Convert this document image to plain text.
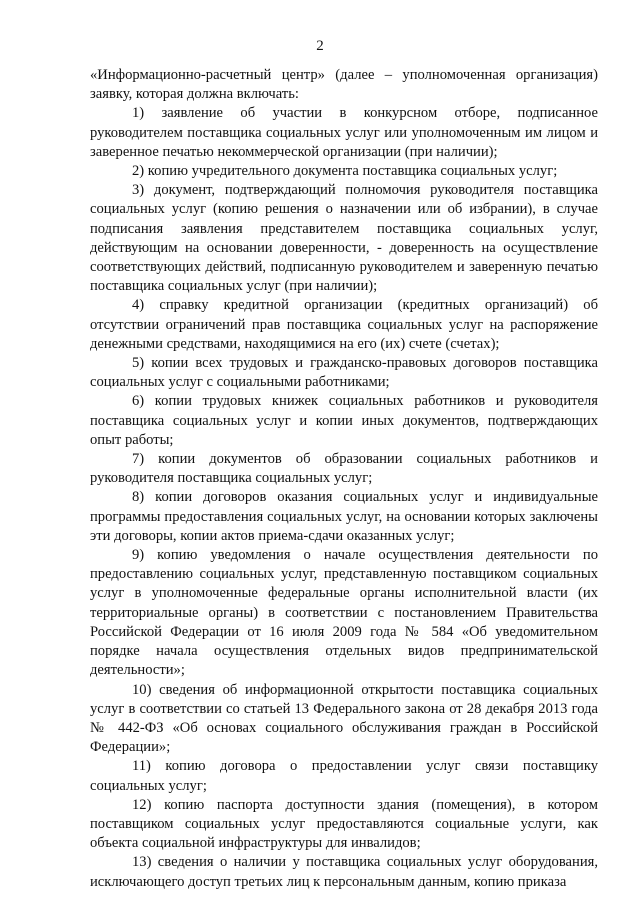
2

«Информационно-расчетный центр» (далее – уполномоченная организация) заявку, которая должна включать:

1) заявление об участии в конкурсном отборе, подписанное руководителем поставщика социальных услуг или уполномоченным им лицом и заверенное печатью некоммерческой организации (при наличии);

2) копию учредительного документа поставщика социальных услуг;

3) документ, подтверждающий полномочия руководителя поставщика социальных услуг (копию решения о назначении или об избрании), в случае подписания заявления представителем поставщика социальных услуг, действующим на основании доверенности, - доверенность на осуществление соответствующих действий, подписанную руководителем и заверенную печатью поставщика социальных услуг (при наличии);

4) справку кредитной организации (кредитных организаций) об отсутствии ограничений прав поставщика социальных услуг на распоряжение денежными средствами, находящимися на его (их) счете (счетах);

5) копии всех трудовых и гражданско-правовых договоров поставщика социальных услуг с социальными работниками;

6) копии трудовых книжек социальных работников и руководителя поставщика социальных услуг и копии иных документов, подтверждающих опыт работы;

7) копии документов об образовании социальных работников и руководителя поставщика социальных услуг;

8) копии договоров оказания социальных услуг и индивидуальные программы предоставления социальных услуг, на основании которых заключены эти договоры, копии актов приема-сдачи оказанных услуг;

9) копию уведомления о начале осуществления деятельности по предоставлению социальных услуг, представленную поставщиком социальных услуг в уполномоченные федеральные органы исполнительной власти (их территориальные органы) в соответствии с постановлением Правительства Российской Федерации от 16 июля 2009 года № 584 «Об уведомительном порядке начала осуществления отдельных видов предпринимательской деятельности»;

10) сведения об информационной открытости поставщика социальных услуг в соответствии со статьей 13 Федерального закона от 28 декабря 2013 года № 442-ФЗ «Об основах социального обслуживания граждан в Российской Федерации»;

11) копию договора о предоставлении услуг связи поставщику социальных услуг;

12) копию паспорта доступности здания (помещения), в котором поставщиком социальных услуг предоставляются социальные услуги, как объекта социальной инфраструктуры для инвалидов;

13) сведения о наличии у поставщика социальных услуг оборудования, исключающего доступ третьих лиц к персональным данным, копию приказа
